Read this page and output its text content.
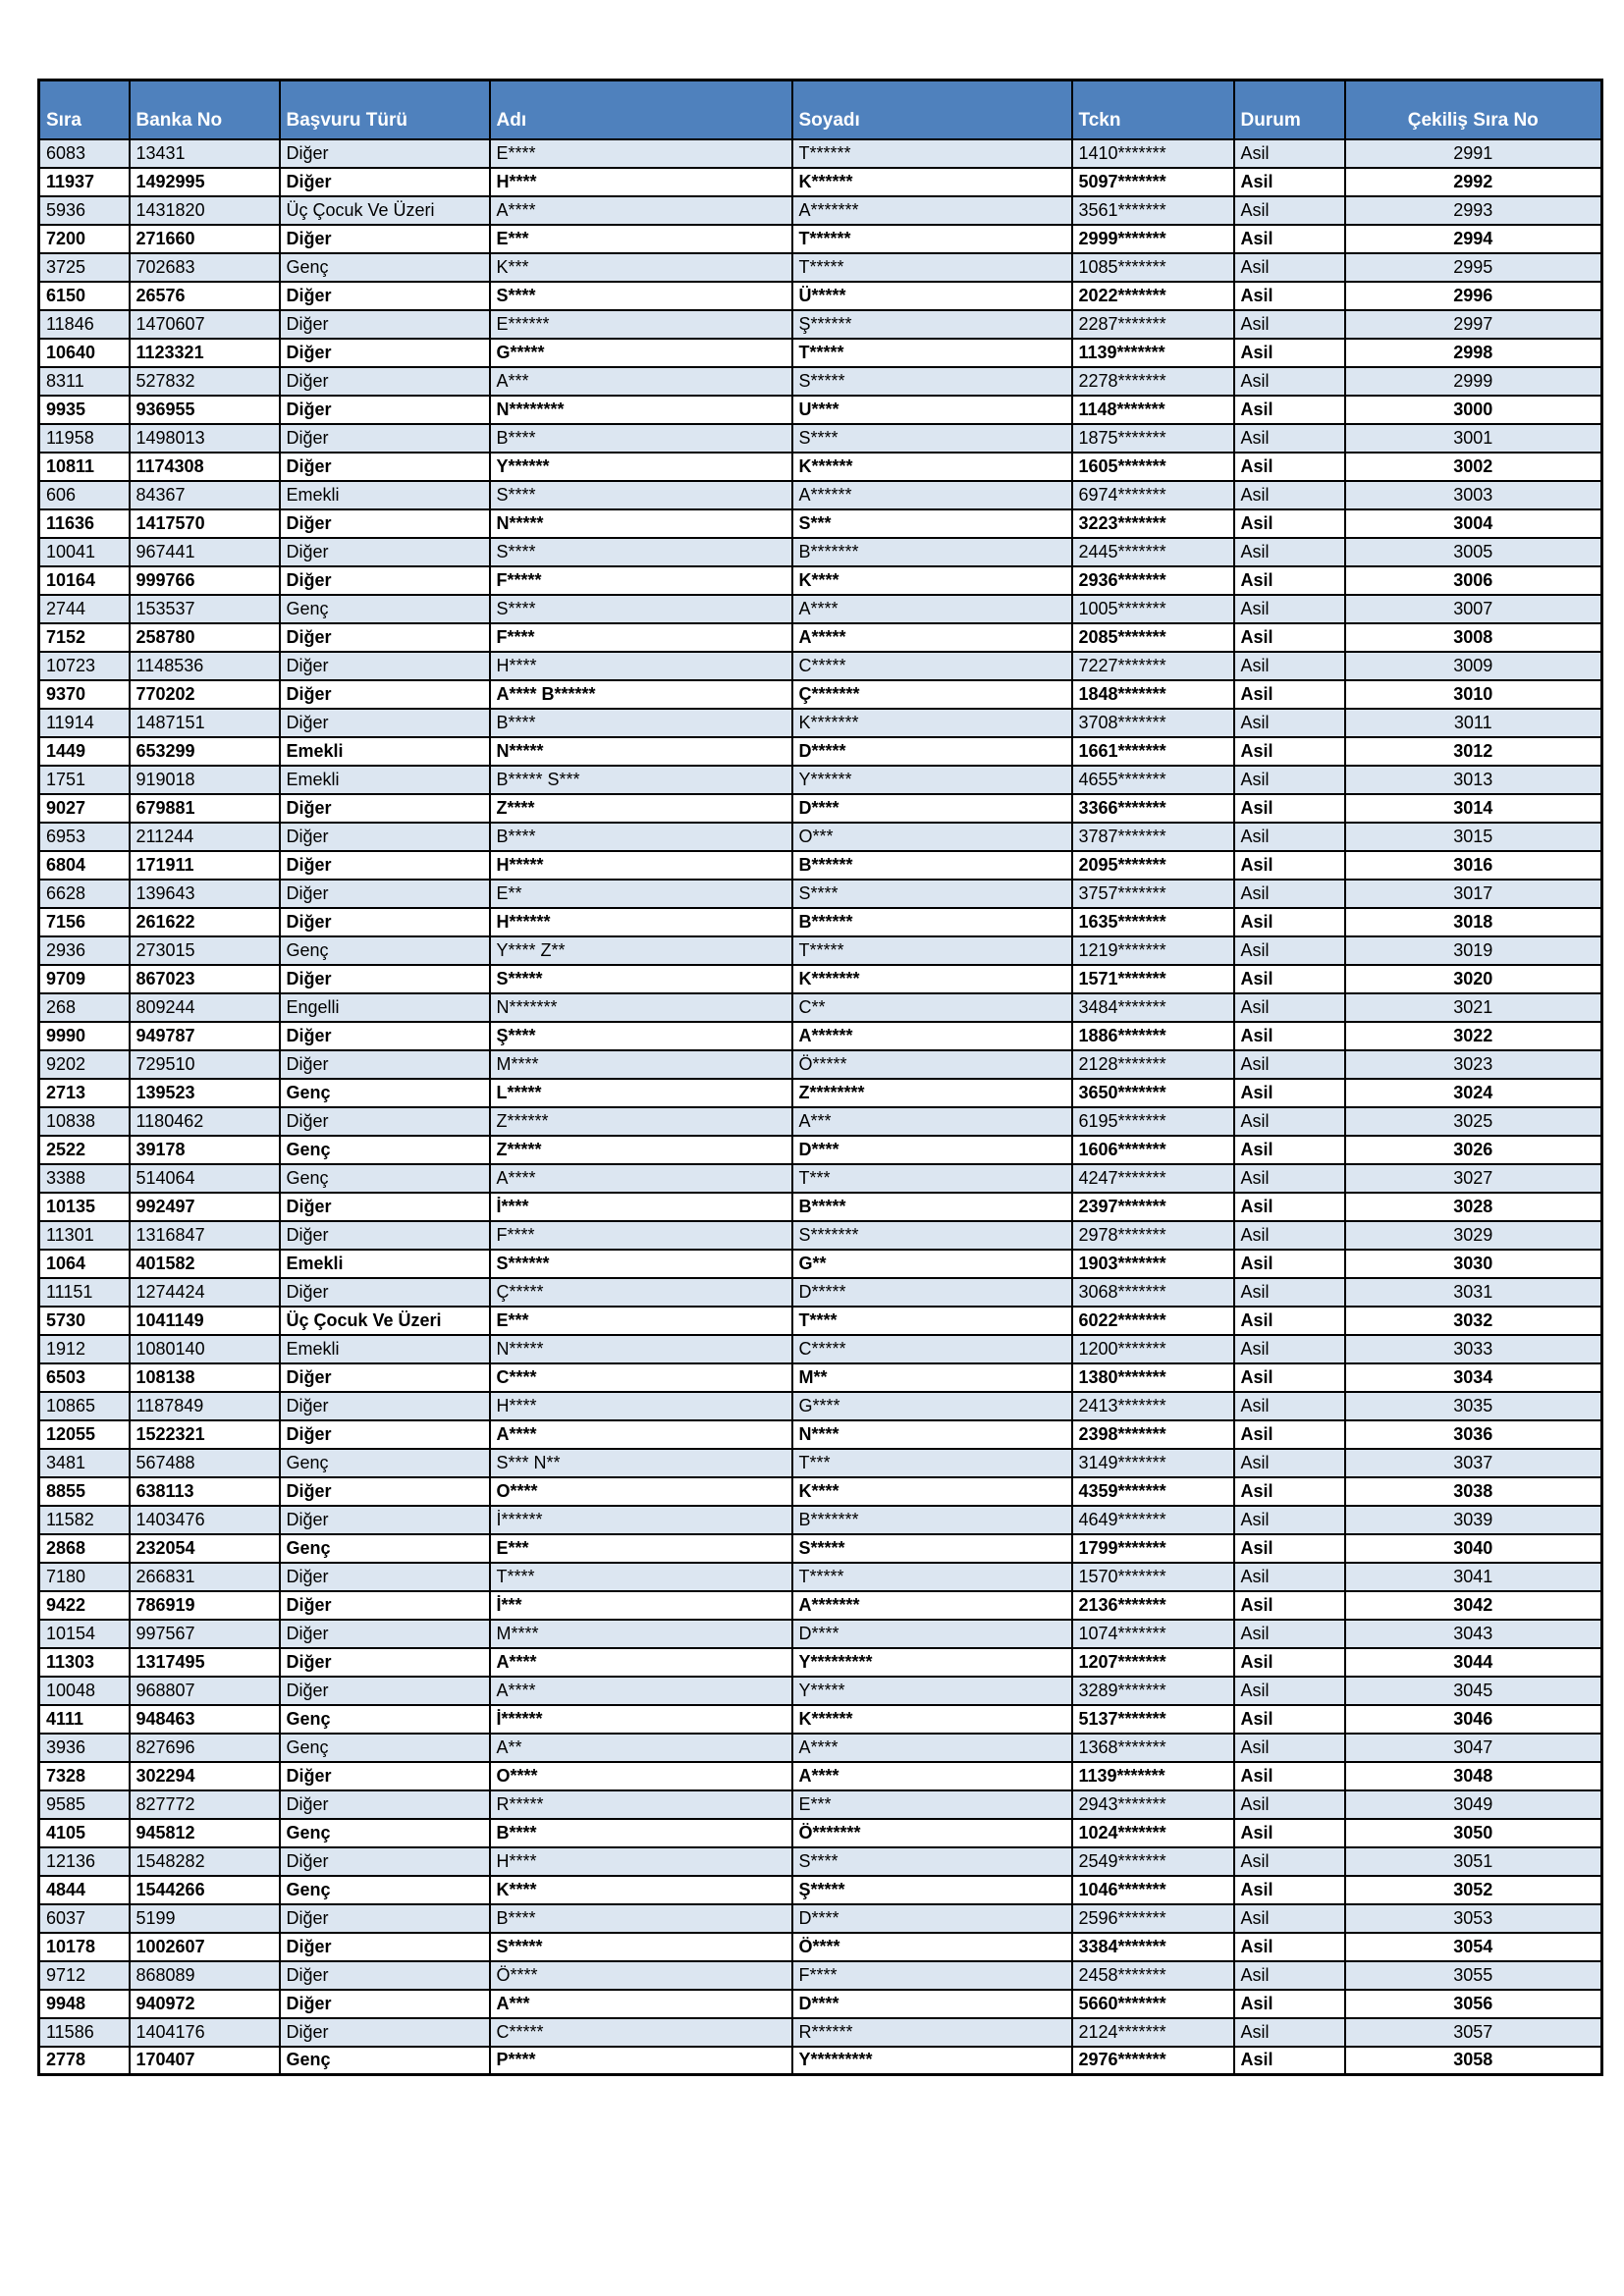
Sıra	Banka No	Başvuru Türü	Adı	Soyadı	Tckn	Durum	Çekiliş Sıra No
6083	13431	Diğer	E****	T******	1410*******	Asil	2991
11937	1492995	Diğer	H****	K******	5097*******	Asil	2992
5936	1431820	Üç Çocuk Ve Üzeri	A****	A*******	3561*******	Asil	2993
7200	271660	Diğer	E***	T******	2999*******	Asil	2994
3725	702683	Genç	K***	T*****	1085*******	Asil	2995
6150	26576	Diğer	S****	Ü*****	2022*******	Asil	2996
11846	1470607	Diğer	E******	Ş******	2287*******	Asil	2997
10640	1123321	Diğer	G*****	T*****	1139*******	Asil	2998
8311	527832	Diğer	A***	S*****	2278*******	Asil	2999
9935	936955	Diğer	N********	U****	1148*******	Asil	3000
11958	1498013	Diğer	B****	S****	1875*******	Asil	3001
10811	1174308	Diğer	Y******	K******	1605*******	Asil	3002
606	84367	Emekli	S****	A******	6974*******	Asil	3003
11636	1417570	Diğer	N*****	S***	3223*******	Asil	3004
10041	967441	Diğer	S****	B*******	2445*******	Asil	3005
10164	999766	Diğer	F*****	K****	2936*******	Asil	3006
2744	153537	Genç	S****	A****	1005*******	Asil	3007
7152	258780	Diğer	F****	A*****	2085*******	Asil	3008
10723	1148536	Diğer	H****	C*****	7227*******	Asil	3009
9370	770202	Diğer	A**** B******	Ç*******	1848*******	Asil	3010
11914	1487151	Diğer	B****	K*******	3708*******	Asil	3011
1449	653299	Emekli	N*****	D*****	1661*******	Asil	3012
1751	919018	Emekli	B***** S***	Y******	4655*******	Asil	3013
9027	679881	Diğer	Z****	D****	3366*******	Asil	3014
6953	211244	Diğer	B****	O***	3787*******	Asil	3015
6804	171911	Diğer	H*****	B******	2095*******	Asil	3016
6628	139643	Diğer	E**	S****	3757*******	Asil	3017
7156	261622	Diğer	H******	B******	1635*******	Asil	3018
2936	273015	Genç	Y**** Z**	T*****	1219*******	Asil	3019
9709	867023	Diğer	S*****	K*******	1571*******	Asil	3020
268	809244	Engelli	N*******	C**	3484*******	Asil	3021
9990	949787	Diğer	Ş****	A******	1886*******	Asil	3022
9202	729510	Diğer	M****	Ö*****	2128*******	Asil	3023
2713	139523	Genç	L*****	Z********	3650*******	Asil	3024
10838	1180462	Diğer	Z******	A***	6195*******	Asil	3025
2522	39178	Genç	Z*****	D****	1606*******	Asil	3026
3388	514064	Genç	A****	T***	4247*******	Asil	3027
10135	992497	Diğer	İ****	B*****	2397*******	Asil	3028
11301	1316847	Diğer	F****	S*******	2978*******	Asil	3029
1064	401582	Emekli	S******	G**	1903*******	Asil	3030
11151	1274424	Diğer	Ç*****	D*****	3068*******	Asil	3031
5730	1041149	Üç Çocuk Ve Üzeri	E***	T****	6022*******	Asil	3032
1912	1080140	Emekli	N*****	C*****	1200*******	Asil	3033
6503	108138	Diğer	C****	M**	1380*******	Asil	3034
10865	1187849	Diğer	H****	G****	2413*******	Asil	3035
12055	1522321	Diğer	A****	N****	2398*******	Asil	3036
3481	567488	Genç	S*** N**	T***	3149*******	Asil	3037
8855	638113	Diğer	O****	K****	4359*******	Asil	3038
11582	1403476	Diğer	İ******	B*******	4649*******	Asil	3039
2868	232054	Genç	E***	S*****	1799*******	Asil	3040
7180	266831	Diğer	T****	T*****	1570*******	Asil	3041
9422	786919	Diğer	İ***	A*******	2136*******	Asil	3042
10154	997567	Diğer	M****	D****	1074*******	Asil	3043
11303	1317495	Diğer	A****	Y*********	1207*******	Asil	3044
10048	968807	Diğer	A****	Y*****	3289*******	Asil	3045
4111	948463	Genç	İ******	K******	5137*******	Asil	3046
3936	827696	Genç	A**	A****	1368*******	Asil	3047
7328	302294	Diğer	O****	A****	1139*******	Asil	3048
9585	827772	Diğer	R*****	E***	2943*******	Asil	3049
4105	945812	Genç	B****	Ö*******	1024*******	Asil	3050
12136	1548282	Diğer	H****	S****	2549*******	Asil	3051
4844	1544266	Genç	K****	Ş*****	1046*******	Asil	3052
6037	5199	Diğer	B****	D****	2596*******	Asil	3053
10178	1002607	Diğer	S*****	Ö****	3384*******	Asil	3054
9712	868089	Diğer	Ö****	F****	2458*******	Asil	3055
9948	940972	Diğer	A***	D****	5660*******	Asil	3056
11586	1404176	Diğer	C*****	R******	2124*******	Asil	3057
2778	170407	Genç	P****	Y*********	2976*******	Asil	3058
